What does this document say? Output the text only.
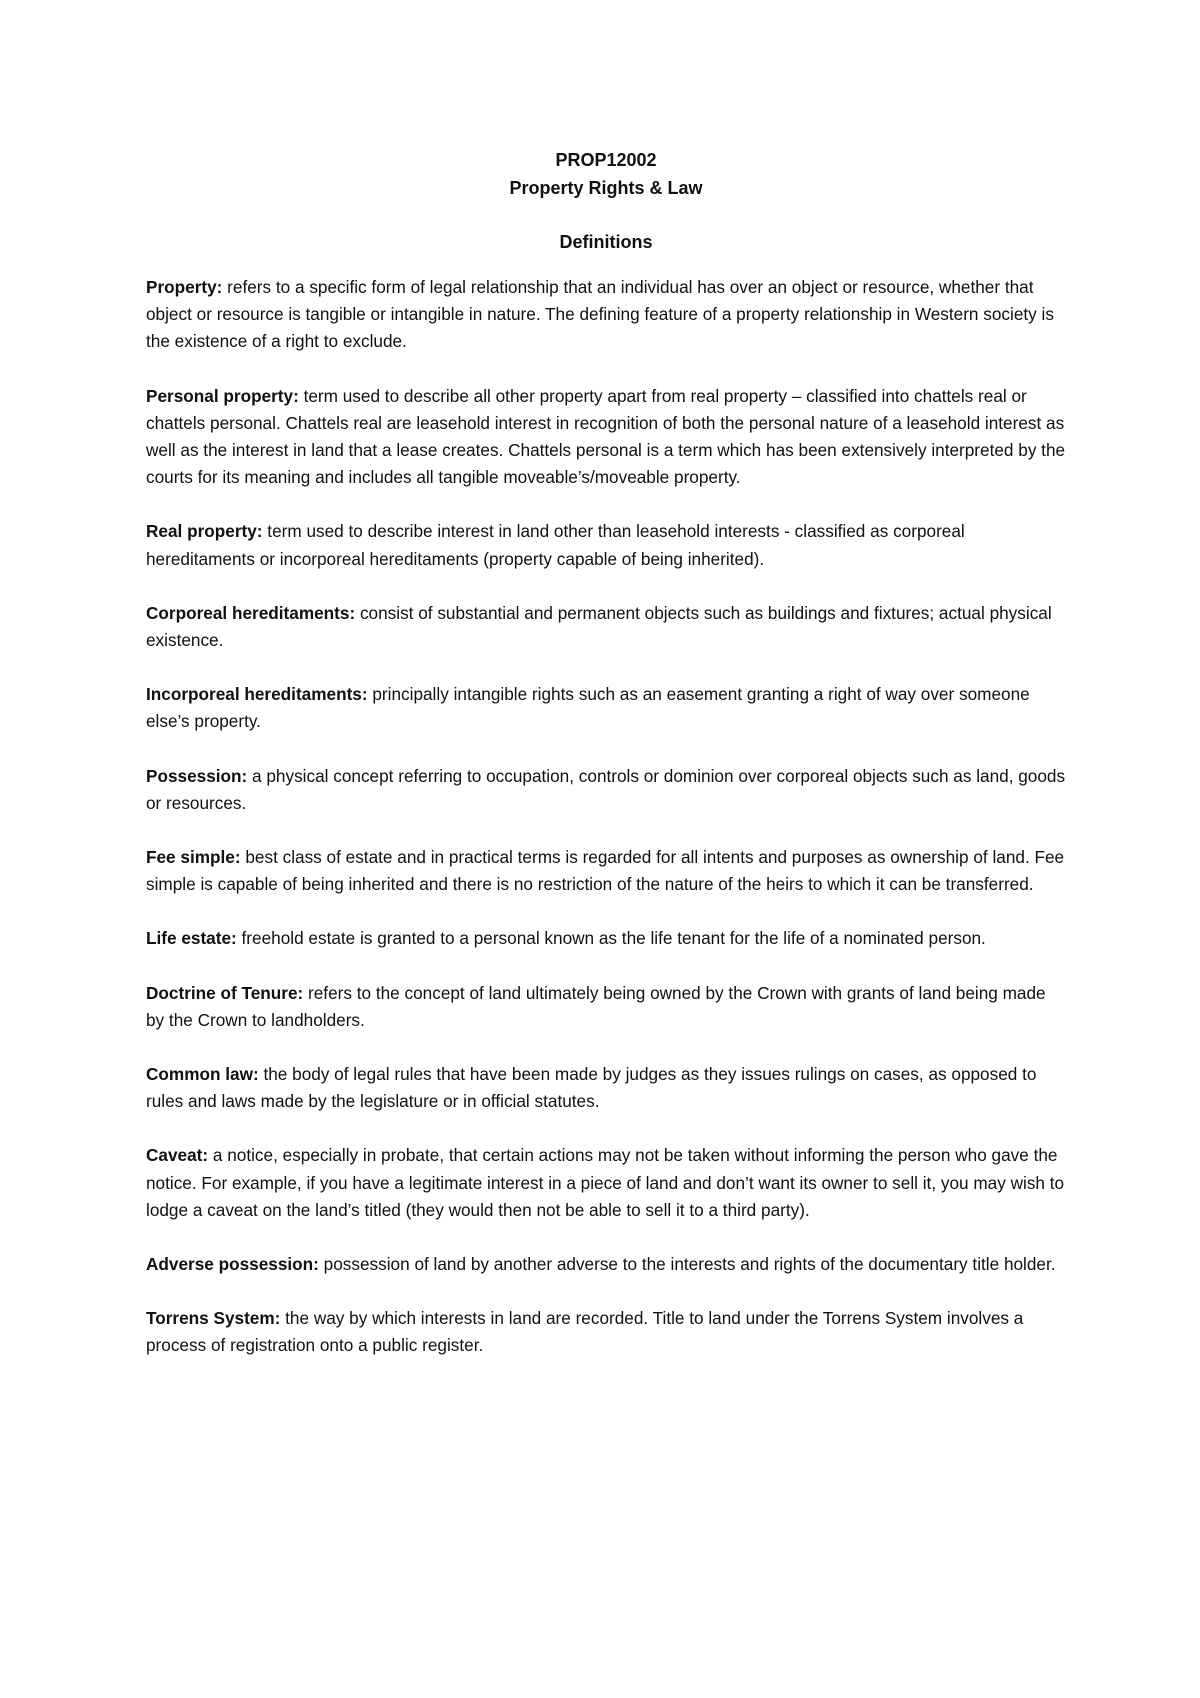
PROP12002
Property Rights & Law
Definitions

Property: refers to a specific form of legal relationship that an individual has over an object or resource, whether that object or resource is tangible or intangible in nature. The defining feature of a property relationship in Western society is the existence of a right to exclude.

Personal property: term used to describe all other property apart from real property – classified into chattels real or chattels personal. Chattels real are leasehold interest in recognition of both the personal nature of a leasehold interest as well as the interest in land that a lease creates. Chattels personal is a term which has been extensively interpreted by the courts for its meaning and includes all tangible moveable’s/moveable property.

Real property: term used to describe interest in land other than leasehold interests - classified as corporeal hereditaments or incorporeal hereditaments (property capable of being inherited).

Corporeal hereditaments: consist of substantial and permanent objects such as buildings and fixtures; actual physical existence.

Incorporeal hereditaments: principally intangible rights such as an easement granting a right of way over someone else’s property.

Possession: a physical concept referring to occupation, controls or dominion over corporeal objects such as land, goods or resources.

Fee simple: best class of estate and in practical terms is regarded for all intents and purposes as ownership of land. Fee simple is capable of being inherited and there is no restriction of the nature of the heirs to which it can be transferred.

Life estate: freehold estate is granted to a personal known as the life tenant for the life of a nominated person.

Doctrine of Tenure: refers to the concept of land ultimately being owned by the Crown with grants of land being made by the Crown to landholders.

Common law: the body of legal rules that have been made by judges as they issues rulings on cases, as opposed to rules and laws made by the legislature or in official statutes.

Caveat: a notice, especially in probate, that certain actions may not be taken without informing the person who gave the notice. For example, if you have a legitimate interest in a piece of land and don’t want its owner to sell it, you may wish to lodge a caveat on the land’s titled (they would then not be able to sell it to a third party).

Adverse possession: possession of land by another adverse to the interests and rights of the documentary title holder.

Torrens System: the way by which interests in land are recorded. Title to land under the Torrens System involves a process of registration onto a public register.
